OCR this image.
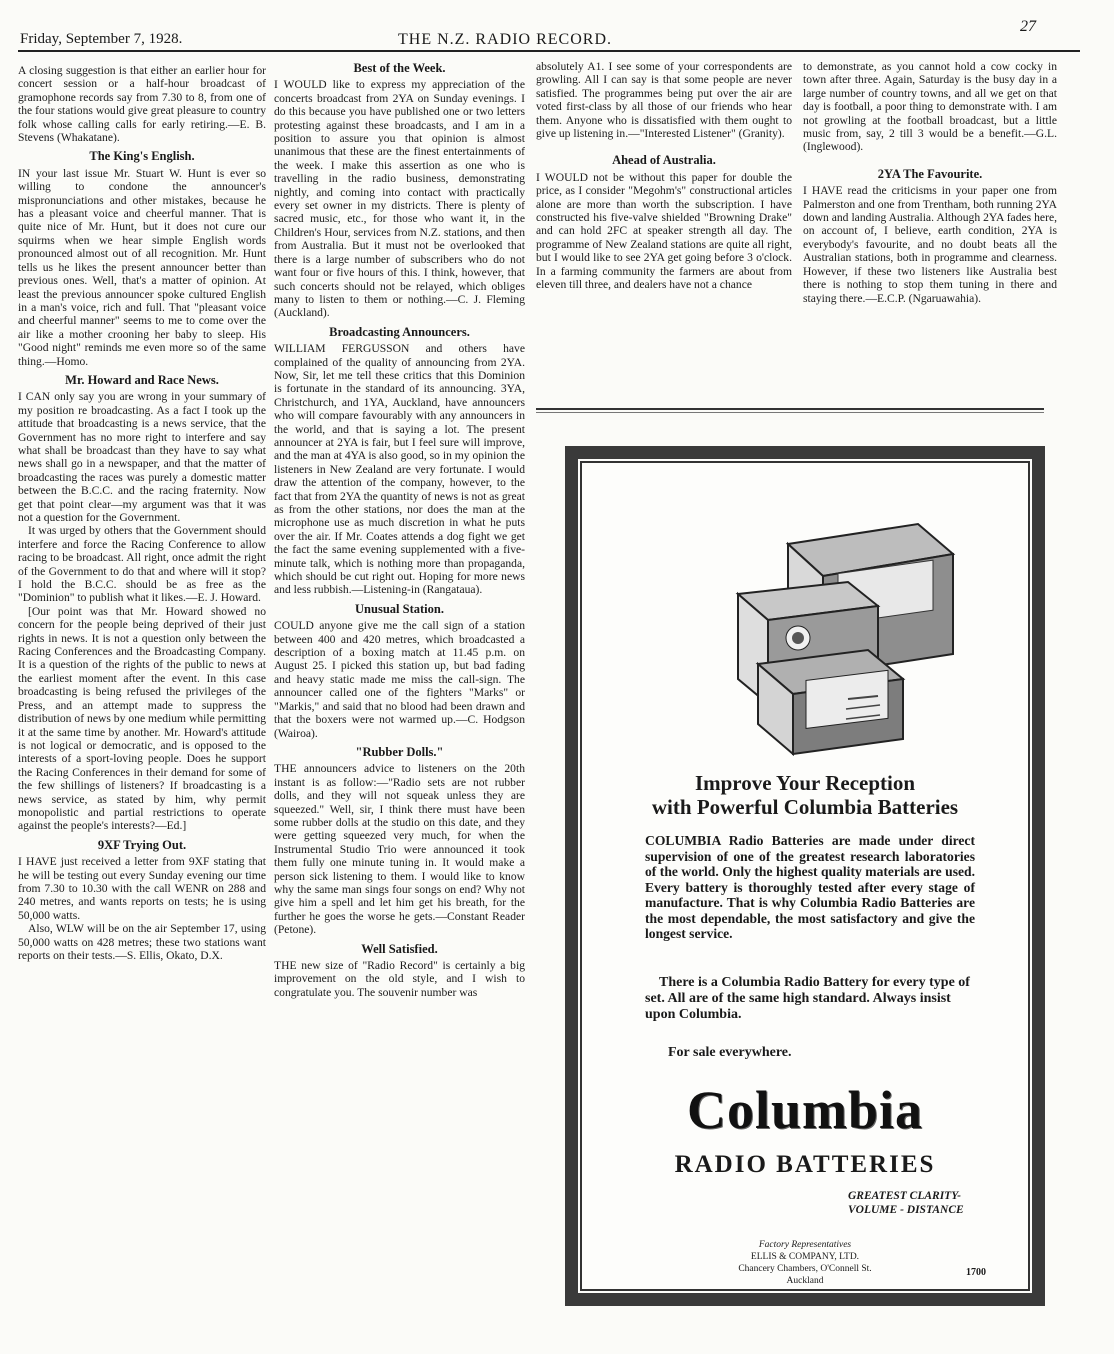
Friday, September 7, 1928.	THE N.Z. RADIO RECORD.
27

A closing suggestion is that either an earlier hour for concert session or a half-hour broadcast of gramophone records say from 7.30 to 8, from one of the four stations would give great pleasure to country folk whose calling calls for early retiring.—E. B. Stevens (Whakatane).

The King's English.

IN your last issue Mr. Stuart W. Hunt is ever so willing to condone the announcer's mispronunciations and other mistakes, because he has a pleasant voice and cheerful manner. That is quite nice of Mr. Hunt, but it does not cure our squirms when we hear simple English words pronounced almost out of all recognition. Mr. Hunt tells us he likes the present announcer better than previous ones. Well, that's a matter of opinion. At least the previous announcer spoke cultured English in a man's voice, rich and full. That "pleasant voice and cheerful manner" seems to me to come over the air like a mother crooning her baby to sleep. His "Good night" reminds me even more so of the same thing.—Homo.

Mr. Howard and Race News.

I CAN only say you are wrong in your summary of my position re broadcasting. As a fact I took up the attitude that broadcasting is a news service, that the Government has no more right to interfere and say what shall be broadcast than they have to say what news shall go in a newspaper, and that the matter of broadcasting the races was purely a domestic matter between the B.C.C. and the racing fraternity. Now get that point clear—my argument was that it was not a question for the Government.

It was urged by others that the Government should interfere and force the Racing Conference to allow racing to be broadcast. All right, once admit the right of the Government to do that and where will it stop? I hold the B.C.C. should be as free as the "Dominion" to publish what it likes.—E. J. Howard.

[Our point was that Mr. Howard showed no concern for the people being deprived of their just rights in news. It is not a question only between the Racing Conferences and the Broadcasting Company. It is a question of the rights of the public to news at the earliest moment after the event. In this case broadcasting is being refused the privileges of the Press, and an attempt made to suppress the distribution of news by one medium while permitting it at the same time by another. Mr. Howard's attitude is not logical or democratic, and is opposed to the interests of a sport-loving people. Does he support the Racing Conferences in their demand for some of the few shillings of listeners? If broadcasting is a news service, as stated by him, why permit monopolistic and partial restrictions to operate against the people's interests?—Ed.]

9XF Trying Out.

I HAVE just received a letter from 9XF stating that he will be testing out every Sunday evening our time from 7.30 to 10.30 with the call WENR on 288 and 240 metres, and wants reports on tests; he is using 50,000 watts.

Also, WLW will be on the air September 17, using 50,000 watts on 428 metres; these two stations want reports on their tests.—S. Ellis, Okato, D.X.

Best of the Week.

I WOULD like to express my appreciation of the concerts broadcast from 2YA on Sunday evenings. I do this because you have published one or two letters protesting against these broadcasts, and I am in a position to assure you that opinion is almost unanimous that these are the finest entertainments of the week. I make this assertion as one who is travelling in the radio business, demonstrating nightly, and coming into contact with practically every set owner in my districts. There is plenty of sacred music, etc., for those who want it, in the Children's Hour, services from N.Z. stations, and then from Australia. But it must not be overlooked that there is a large number of subscribers who do not want four or five hours of this. I think, however, that such concerts should not be relayed, which obliges many to listen to them or nothing.—C. J. Fleming (Auckland).

Broadcasting Announcers.

WILLIAM FERGUSSON and others have complained of the quality of announcing from 2YA. Now, Sir, let me tell these critics that this Dominion is fortunate in the standard of its announcing. 3YA, Christchurch, and 1YA, Auckland, have announcers who will compare favourably with any announcers in the world, and that is saying a lot. The present announcer at 2YA is fair, but I feel sure will improve, and the man at 4YA is also good, so in my opinion the listeners in New Zealand are very fortunate. I would draw the attention of the company, however, to the fact that from 2YA the quantity of news is not as great as from the other stations, nor does the man at the microphone use as much discretion in what he puts over the air. If Mr. Coates attends a dog fight we get the fact the same evening supplemented with a five-minute talk, which is nothing more than propaganda, which should be cut right out. Hoping for more news and less rubbish.—Listening-in (Rangataua).

Unusual Station.

COULD anyone give me the call sign of a station between 400 and 420 metres, which broadcasted a description of a boxing match at 11.45 p.m. on August 25. I picked this station up, but bad fading and heavy static made me miss the call-sign. The announcer called one of the fighters "Marks" or "Markis," and said that no blood had been drawn and that the boxers were not warmed up.—C. Hodgson (Wairoa).

"Rubber Dolls."

THE announcers advice to listeners on the 20th instant is as follow:—"Radio sets are not rubber dolls, and they will not squeak unless they are squeezed." Well, sir, I think there must have been some rubber dolls at the studio on this date, and they were getting squeezed very much, for when the Instrumental Studio Trio were announced it took them fully one minute tuning in. It would make a person sick listening to them. I would like to know why the same man sings four songs on end? Why not give him a spell and let him get his breath, for the further he goes the worse he gets.—Constant Reader (Petone).

Well Satisfied.

THE new size of "Radio Record" is certainly a big improvement on the old style, and I wish to congratulate you. The souvenir number was

absolutely A1. I see some of your correspondents are growling. All I can say is that some people are never satisfied. The programmes being put over the air are voted first-class by all those of our friends who hear them. Anyone who is dissatisfied with them ought to give up listening in.—"Interested Listener" (Granity).

Ahead of Australia.

I WOULD not be without this paper for double the price, as I consider "Megohm's" constructional articles alone are more than worth the subscription. I have constructed his five-valve shielded "Browning Drake" and can hold 2FC at speaker strength all day. The programme of New Zealand stations are quite all right, but I would like to see 2YA get going before 3 o'clock. In a farming community the farmers are about from eleven till three, and dealers have not a chance

to demonstrate, as you cannot hold a cow cocky in town after three. Again, Saturday is the busy day in a large number of country towns, and all we get on that day is football, a poor thing to demonstrate with. I am not growling at the football broadcast, but a little music from, say, 2 till 3 would be a benefit.—G.L. (Inglewood).

2YA The Favourite.

I HAVE read the criticisms in your paper one from Palmerston and one from Trentham, both running 2YA down and landing Australia. Although 2YA fades here, on account of, I believe, earth condition, 2YA is everybody's favourite, and no doubt beats all the Australian stations, both in programme and clearness. However, if these two listeners like Australia best there is nothing to stop them tuning in there and staying there.—E.C.P. (Ngaruawahia).

Improve Your Reception
with Powerful Columbia Batteries
COLUMBIA Radio Batteries are made under direct supervision of one of the greatest research laboratories of the world. Only the highest quality materials are used. Every battery is thoroughly tested after every stage of manufacture. That is why Columbia Radio Batteries are the most dependable, the most satisfactory and give the longest service.
There is a Columbia Radio Battery for every type of set. All are of the same high standard. Always insist upon Columbia.
For sale everywhere.
Columbia
RADIO BATTERIES
GREATEST CLARITY-
VOLUME - DISTANCE
Factory Representatives
ELLIS & COMPANY, LTD.
Chancery Chambers, O'Connell St.
Auckland
1700
